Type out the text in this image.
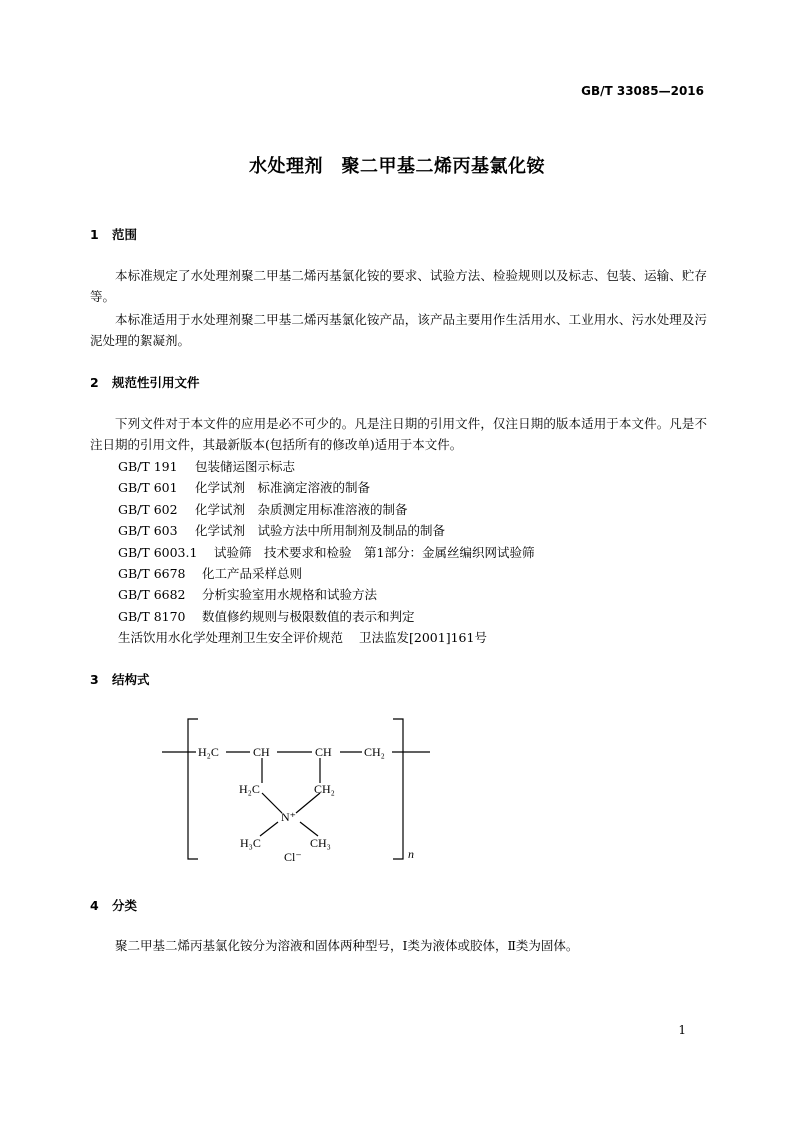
GB/T 33085—2016
水处理剂　聚二甲基二烯丙基氯化铵
1 范围
本标准规定了水处理剂聚二甲基二烯丙基氯化铵的要求、试验方法、检验规则以及标志、包装、运输、贮存等。
本标准适用于水处理剂聚二甲基二烯丙基氯化铵产品，该产品主要用作生活用水、工业用水、污水处理及污泥处理的絮凝剂。
2 规范性引用文件
下列文件对于本文件的应用是必不可少的。凡是注日期的引用文件，仅注日期的版本适用于本文件。凡是不注日期的引用文件，其最新版本(包括所有的修改单)适用于本文件。
GB/T 191 包装储运图示标志
GB/T 601 化学试剂　标准滴定溶液的制备
GB/T 602 化学试剂　杂质测定用标准溶液的制备
GB/T 603 化学试剂　试验方法中所用制剂及制品的制备
GB/T 6003.1 试验筛　技术要求和检验　第1部分：金属丝编织网试验筛
GB/T 6678 化工产品采样总则
GB/T 6682 分析实验室用水规格和试验方法
GB/T 8170 数值修约规则与极限数值的表示和判定
生活饮用水化学处理剂卫生安全评价规范 卫法监发[2001]161号
3 结构式
H₂C	CH	CH	CH₂
H₂C	CH₂
N⁺
H₃C	CH₃
Cl⁻	n
4 分类
聚二甲基二烯丙基氯化铵分为溶液和固体两种型号，Ⅰ类为液体或胶体，Ⅱ类为固体。
1
